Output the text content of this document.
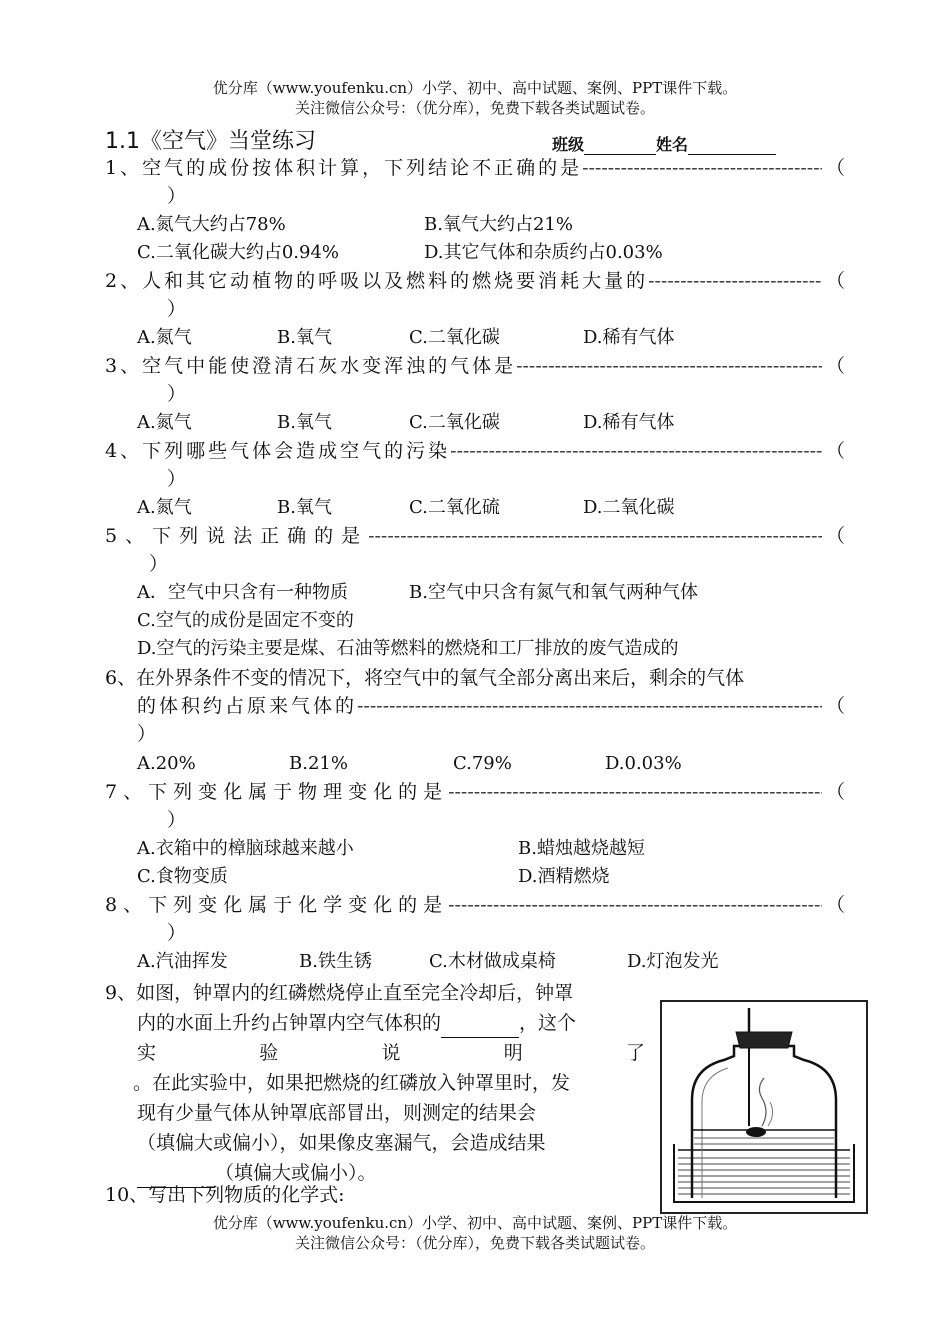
优分库（www.youfenku.cn）小学、初中、高中试题、案例、PPT课件下载。
关注微信公众号：（优分库），免费下载各类试题试卷。
1.1《空气》当堂练习	班级	姓名
1、空气的成份按体积计算，下列结论不正确的是 -----	（
）
A.氮气大约占78%	B.氧气大约占21%
C.二氧化碳大约占0.94%	D.其它气体和杂质约占0.03%
2、人和其它动植物的呼吸以及燃料的燃烧要消耗大量的 -----	（
）
A.氮气	B.氧气	C.二氧化碳	D.稀有气体
3、空气中能使澄清石灰水变浑浊的气体是 -----	（
）
A.氮气	B.氧气	C.二氧化碳	D.稀有气体
4、下列哪些气体会造成空气的污染 -----	（
）
A.氮气	B.氧气	C.二氧化硫	D.二氧化碳
5、下列说法正确的是 -----	（
）
A．空气中只含有一种物质	B.空气中只含有氮气和氧气两种气体
C.空气的成份是固定不变的
D.空气的污染主要是煤、石油等燃料的燃烧和工厂排放的废气造成的
6、在外界条件不变的情况下，将空气中的氧气全部分离出来后，剩余的气体
的体积约占原来气体的 -----	（
）
A.20%	B.21%	C.79%	D.0.03%
7、下列变化属于物理变化的是 -----	（
）
A.衣箱中的樟脑球越来越小	B.蜡烛越烧越短
C.食物变质	D.酒精燃烧
8、下列变化属于化学变化的是 -----	（
）
A.汽油挥发	B.铁生锈	C.木材做成桌椅	D.灯泡发光
9、如图，钟罩内的红磷燃烧停止直至完全冷却后，钟罩
内的水面上升约占钟罩内空气体积的	，这个
实	验	说	明	了
。在此实验中，如果把燃烧的红磷放入钟罩里时，发
现有少量气体从钟罩底部冒出，则测定的结果会
（填偏大或偏小），如果像皮塞漏气，会造成结果
（填偏大或偏小）。
10、写出下列物质的化学式:
优分库（www.youfenku.cn）小学、初中、高中试题、案例、PPT课件下载。
关注微信公众号：（优分库），免费下载各类试题试卷。
